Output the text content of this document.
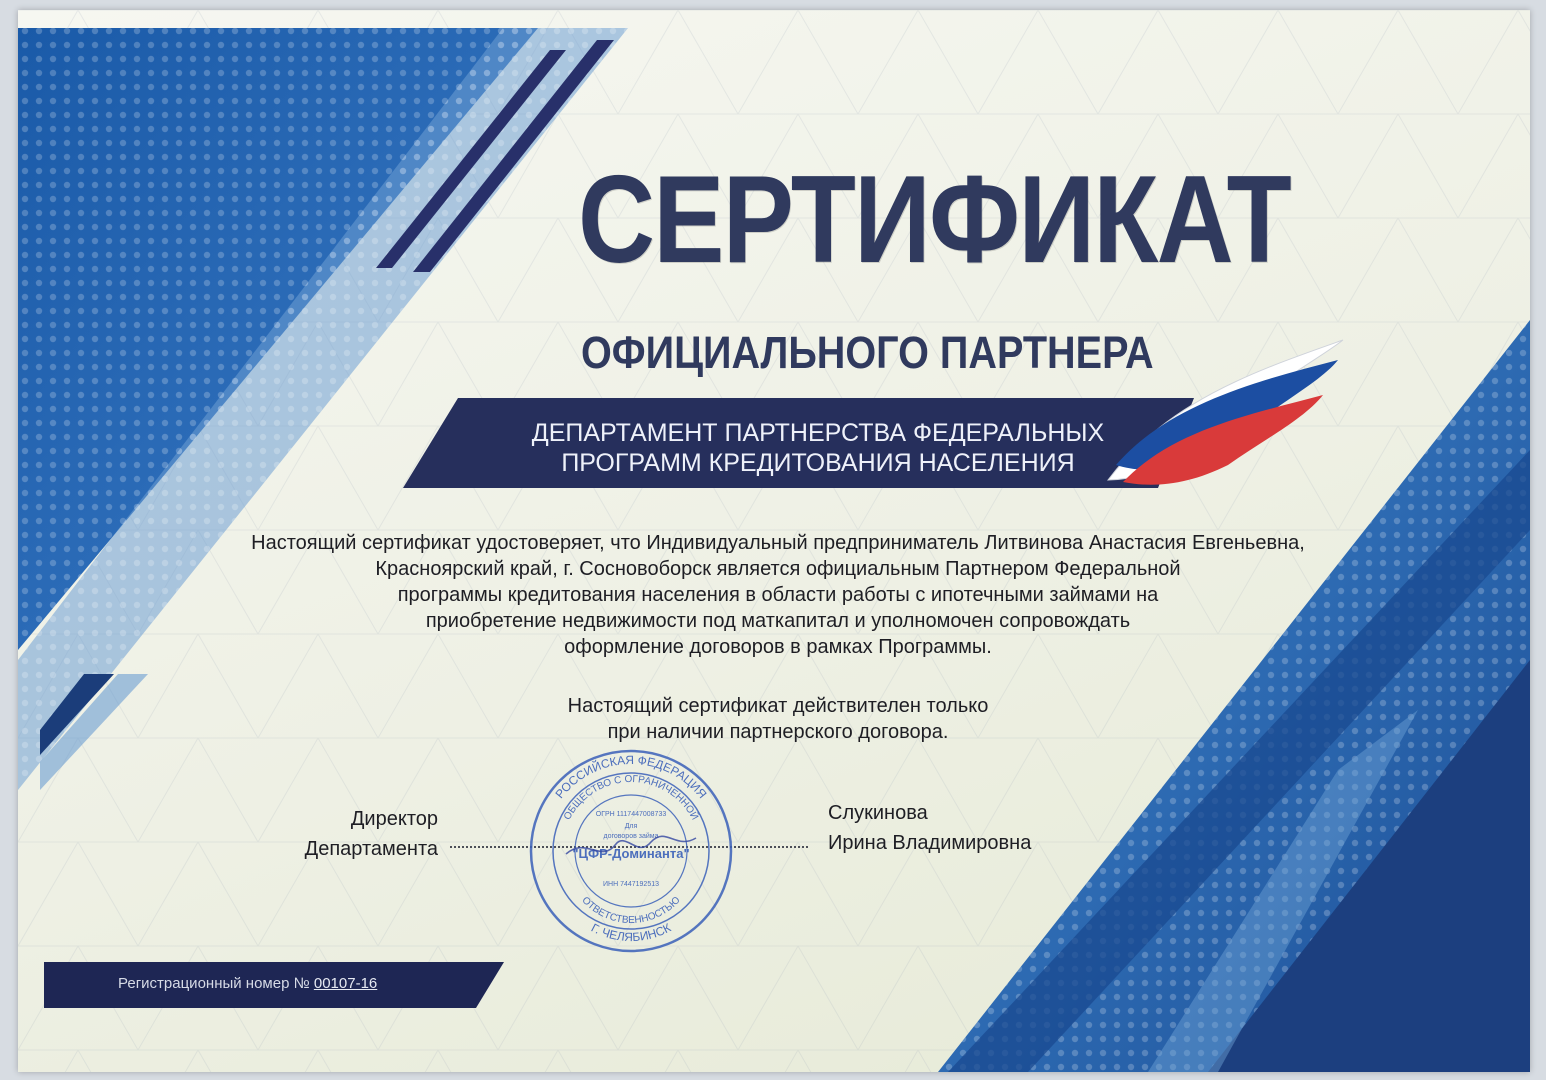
СЕРТИФИКАТ
ОФИЦИАЛЬНОГО ПАРТНЕРА
ДЕПАРТАМЕНТ ПАРТНЕРСТВА ФЕДЕРАЛЬНЫХ
ПРОГРАММ КРЕДИТОВАНИЯ НАСЕЛЕНИЯ
Настоящий сертификат удостоверяет, что Индивидуальный предприниматель Литвинова Анастасия Евгеньевна,
Красноярский край, г. Сосновоборск является официальным Партнером Федеральной
программы кредитования населения в области работы с ипотечными займами на
приобретение недвижимости под маткапитал и уполномочен сопровождать
оформление договоров в рамках Программы.
Настоящий сертификат действителен только
при наличии партнерского договора.
Директор
Департамента
Слукинова
Ирина Владимировна
РОССИЙСКАЯ ФЕДЕРАЦИЯ
Г. ЧЕЛЯБИНСК
ОБЩЕСТВО С ОГРАНИЧЕННОЙ
ОТВЕТСТВЕННОСТЬЮ
ОГРН 1117447008733
Для
договоров займа
"ЦФР-Доминанта"
ИНН 7447192513
Регистрационный номер № 00107-16
